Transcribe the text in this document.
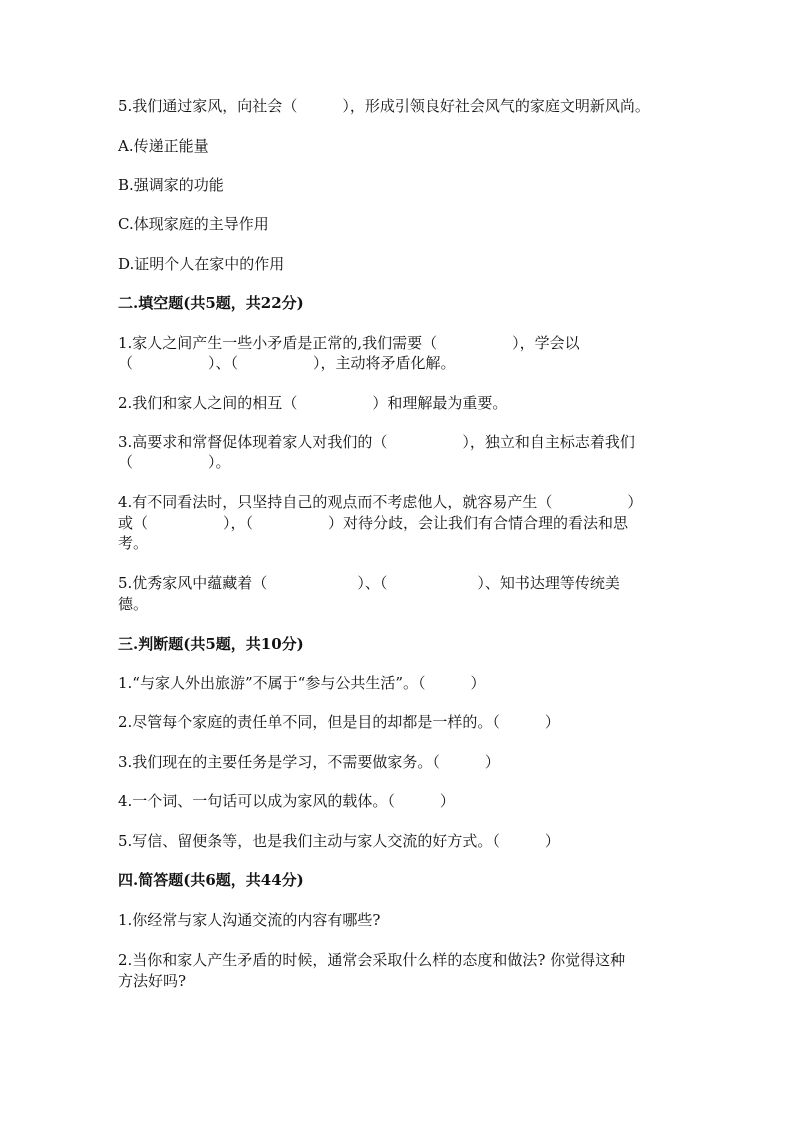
5.我们通过家风，向社会（　　　），形成引领良好社会风气的家庭文明新风尚。
A.传递正能量
B.强调家的功能
C.体现家庭的主导作用
D.证明个人在家中的作用
二.填空题(共5题，共22分)
1.家人之间产生一些小矛盾是正常的,我们需要（　　　　　），学会以
（　　　　　）、（　　　　　），主动将矛盾化解。
2.我们和家人之间的相互（　　　　　）和理解最为重要。
3.高要求和常督促体现着家人对我们的（　　　　　），独立和自主标志着我们
（　　　　　）。
4.有不同看法时，只坚持自己的观点而不考虑他人，就容易产生（　　　　　）
或（　　　　　），（　　　　　）对待分歧，会让我们有合情合理的看法和思
考。
5.优秀家风中蕴藏着（　　　　　　）、（　　　　　　）、知书达理等传统美
德。
三.判断题(共5题，共10分)
1.“与家人外出旅游”不属于“参与公共生活”。（　　　）
2.尽管每个家庭的责任单不同，但是目的却都是一样的。（　　　）
3.我们现在的主要任务是学习，不需要做家务。（　　　）
4.一个词、一句话可以成为家风的载体。（　　　）
5.写信、留便条等，也是我们主动与家人交流的好方式。（　　　）
四.简答题(共6题，共44分)
1.你经常与家人沟通交流的内容有哪些?
2.当你和家人产生矛盾的时候，通常会采取什么样的态度和做法? 你觉得这种
方法好吗?
